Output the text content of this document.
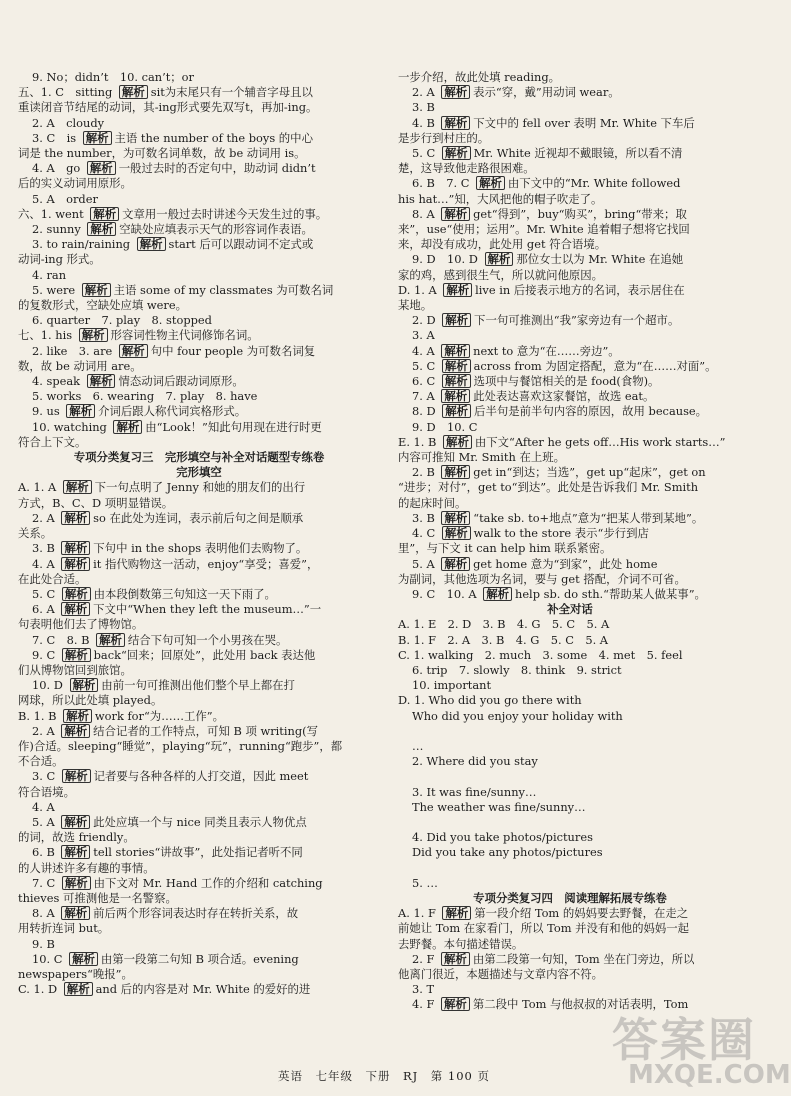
9. No；didn’t　10. can’t；or
五、1. C　sitting 解析 sit为末尾只有一个辅音字母且以
重读闭音节结尾的动词，其-ing形式要先双写t，再加-ing。
2. A　cloudy
3. C　is 解析 主语 the number of the boys 的中心
词是 the number，为可数名词单数，故 be 动词用 is。
4. A　go 解析 一般过去时的否定句中，助动词 didn’t
后的实义动词用原形。
5. A　order
六、1. went 解析 文章用一般过去时讲述今天发生过的事。
2. sunny 解析 空缺处应填表示天气的形容词作表语。
3. to rain/raining 解析 start 后可以跟动词不定式或
动词-ing 形式。
4. ran
5. were 解析 主语 some of my classmates 为可数名词
的复数形式，空缺处应填 were。
6. quarter　7. play　8. stopped
七、1. his 解析 形容词性物主代词修饰名词。
2. like　3. are 解析 句中 four people 为可数名词复
数，故 be 动词用 are。
4. speak 解析 情态动词后跟动词原形。
5. works　6. wearing　7. play　8. have
9. us 解析 介词后跟人称代词宾格形式。
10. watching 解析 由“Look！”知此句用现在进行时更
符合上下文。
专项分类复习三　完形填空与补全对话题型专练卷
完形填空
A. 1. A 解析 下一句点明了 Jenny 和她的朋友们的出行
方式，B、C、D 项明显错误。
2. A 解析 so 在此处为连词，表示前后句之间是顺承
关系。
3. B 解析 下句中 in the shops 表明他们去购物了。
4. A 解析 it 指代购物这一活动，enjoy“享受；喜爱”，
在此处合适。
5. C 解析 由本段倒数第三句知这一天下雨了。
6. A 解析 下文中“When they left the museum…”一
句表明他们去了博物馆。
7. C　8. B 解析 结合下句可知一个小男孩在哭。
9. C 解析 back“回来；回原处”，此处用 back 表达他
们从博物馆回到旅馆。
10. D 解析 由前一句可推测出他们整个早上都在打
网球，所以此处填 played。
B. 1. B 解析 work for“为……工作”。
2. A 解析 结合记者的工作特点，可知 B 项 writing(写
作)合适。sleeping“睡觉”，playing“玩”，running“跑步”，都
不合适。
3. C 解析 记者要与各种各样的人打交道，因此 meet
符合语境。
4. A
5. A 解析 此处应填一个与 nice 同类且表示人物优点
的词，故选 friendly。
6. B 解析 tell stories“讲故事”，此处指记者听不同
的人讲述许多有趣的事情。
7. C 解析 由下文对 Mr. Hand 工作的介绍和 catching
thieves 可推测他是一名警察。
8. A 解析 前后两个形容词表达时存在转折关系，故
用转折连词 but。
9. B
10. C 解析 由第一段第二句知 B 项合适。evening
newspapers“晚报”。
C. 1. D 解析 and 后的内容是对 Mr. White 的爱好的进
一步介绍，故此处填 reading。
2. A 解析 表示“穿，戴”用动词 wear。
3. B
4. B 解析 下文中的 fell over 表明 Mr. White 下车后
是步行到村庄的。
5. C 解析 Mr. White 近视却不戴眼镜，所以看不清
楚，这导致他走路很困难。
6. B　7. C 解析 由下文中的“Mr. White followed
his hat…”知，大风把他的帽子吹走了。
8. A 解析 get“得到”，buy“购买”，bring“带来；取
来”，use“使用；运用”。Mr. White 追着帽子想将它找回
来，却没有成功，此处用 get 符合语境。
9. D　10. D 解析 那位女士以为 Mr. White 在追她
家的鸡，感到很生气，所以就问他原因。
D. 1. A 解析 live in 后接表示地方的名词，表示居住在
某地。
2. D 解析 下一句可推测出“我”家旁边有一个超市。
3. A
4. A 解析 next to 意为“在……旁边”。
5. C 解析 across from 为固定搭配，意为“在……对面”。
6. C 解析 选项中与餐馆相关的是 food(食物)。
7. A 解析 此处表达喜欢这家餐馆，故选 eat。
8. D 解析 后半句是前半句内容的原因，故用 because。
9. D　10. C
E. 1. B 解析 由下文“After he gets off…His work starts…”
内容可推知 Mr. Smith 在上班。
2. B 解析 get in“到达；当选”，get up“起床”，get on
“进步；对付”，get to“到达”。此处是告诉我们 Mr. Smith
的起床时间。
3. B 解析 “take sb. to+地点”意为“把某人带到某地”。
4. C 解析 walk to the store 表示“步行到店
里”，与下文 it can help him 联系紧密。
5. A 解析 get home 意为“到家”，此处 home
为副词，其他选项为名词，要与 get 搭配，介词不可省。
9. C　10. A 解析 help sb. do sth.“帮助某人做某事”。
补全对话
A. 1. E　2. D　3. B　4. G　5. C　5. A
B. 1. F　2. A　3. B　4. G　5. C　5. A
C. 1. walking　2. much　3. some　4. met　5. feel
6. trip　7. slowly　8. think　9. strict
10. important
D. 1. Who did you go there with
Who did you enjoy your holiday with

…
2. Where did you stay

3. It was fine/sunny…
The weather was fine/sunny…

4. Did you take photos/pictures
Did you take any photos/pictures

5. …
专项分类复习四　阅读理解拓展专练卷
A. 1. F 解析 第一段介绍 Tom 的妈妈要去野餐，在走之
前她让 Tom 在家看门，所以 Tom 并没有和他的妈妈一起
去野餐。本句描述错误。
2. F 解析 由第二段第一句知，Tom 坐在门旁边，所以
他离门很近，本题描述与文章内容不符。
3. T
4. F 解析 第二段中 Tom 与他叔叔的对话表明，Tom
英语　七年级　下册　RJ　第 100 页
答案圈
MXQE.COM
